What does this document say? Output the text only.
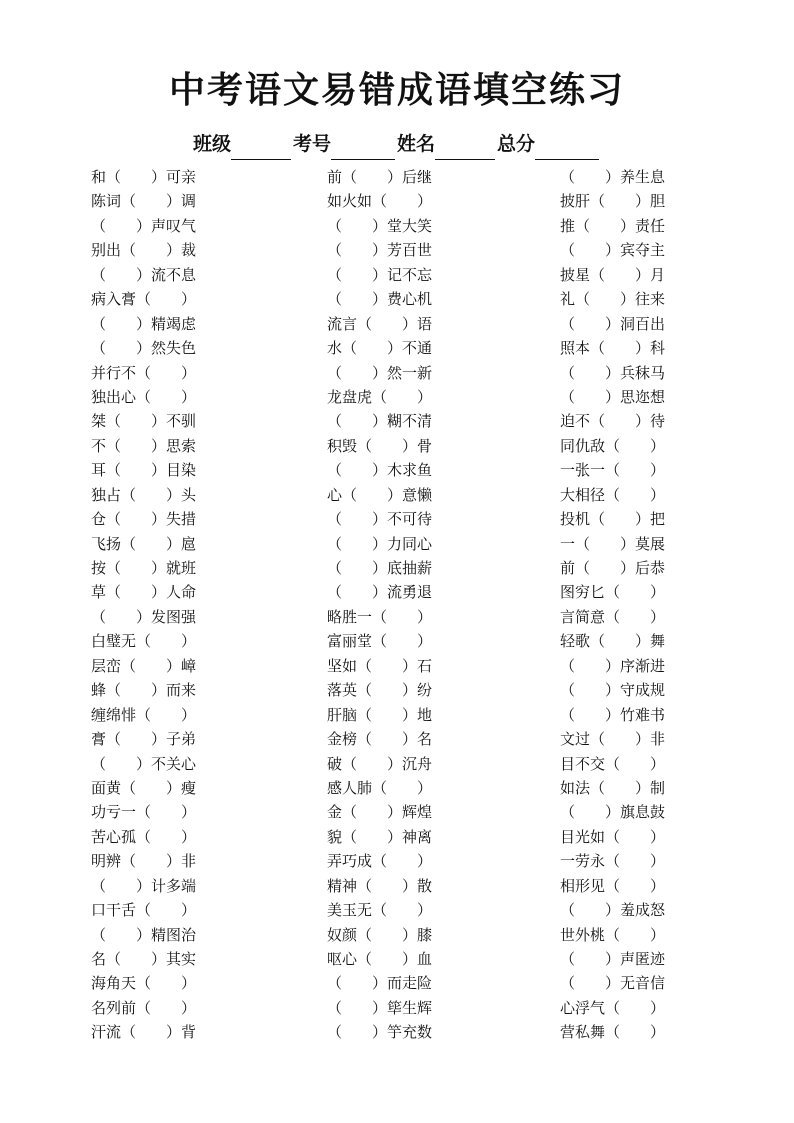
中考语文易错成语填空练习
班级	考号	姓名	总分
和（　　）可亲
陈词（　　）调
（　　）声叹气
别出（　　）裁
（　　）流不息
病入膏（　　）
（　　）精竭虑
（　　）然失色
并行不（　　）
独出心（　　）
桀（　　）不驯
不（　　）思索
耳（　　）目染
独占（　　）头
仓（　　）失措
飞扬（　　）扈
按（　　）就班
草（　　）人命
（　　）发图强
白璧无（　　）
层峦（　　）嶂
蜂（　　）而来
缠绵悱（　　）
膏（　　）子弟
（　　）不关心
面黄（　　）瘦
功亏一（　　）
苦心孤（　　）
明辨（　　）非
（　　）计多端
口干舌（　　）
（　　）精图治
名（　　）其实
海角天（　　）
名列前（　　）
汗流（　　）背
前（　　）后继
如火如（　　）
（　　）堂大笑
（　　）芳百世
（　　）记不忘
（　　）费心机
流言（　　）语
水（　　）不通
（　　）然一新
龙盘虎（　　）
（　　）糊不清
积毁（　　）骨
（　　）木求鱼
心（　　）意懒
（　　）不可待
（　　）力同心
（　　）底抽薪
（　　）流勇退
略胜一（　　）
富丽堂（　　）
坚如（　　）石
落英（　　）纷
肝脑（　　）地
金榜（　　）名
破（　　）沉舟
感人肺（　　）
金（　　）辉煌
貌（　　）神离
弄巧成（　　）
精神（　　）散
美玉无（　　）
奴颜（　　）膝
呕心（　　）血
（　　）而走险
（　　）筚生辉
（　　）竽充数
（　　）养生息
披肝（　　）胆
推（　　）责任
（　　）宾夺主
披星（　　）月
礼（　　）往来
（　　）洞百出
照本（　　）科
（　　）兵秣马
（　　）思迩想
迫不（　　）待
同仇敌（　　）
一张一（　　）
大相径（　　）
投机（　　）把
一（　　）莫展
前（　　）后恭
图穷匕（　　）
言简意（　　）
轻歌（　　）舞
（　　）序渐进
（　　）守成规
（　　）竹难书
文过（　　）非
目不交（　　）
如法（　　）制
（　　）旗息鼓
目光如（　　）
一劳永（　　）
相形见（　　）
（　　）羞成怒
世外桃（　　）
（　　）声匿迹
（　　）无音信
心浮气（　　）
营私舞（　　）
